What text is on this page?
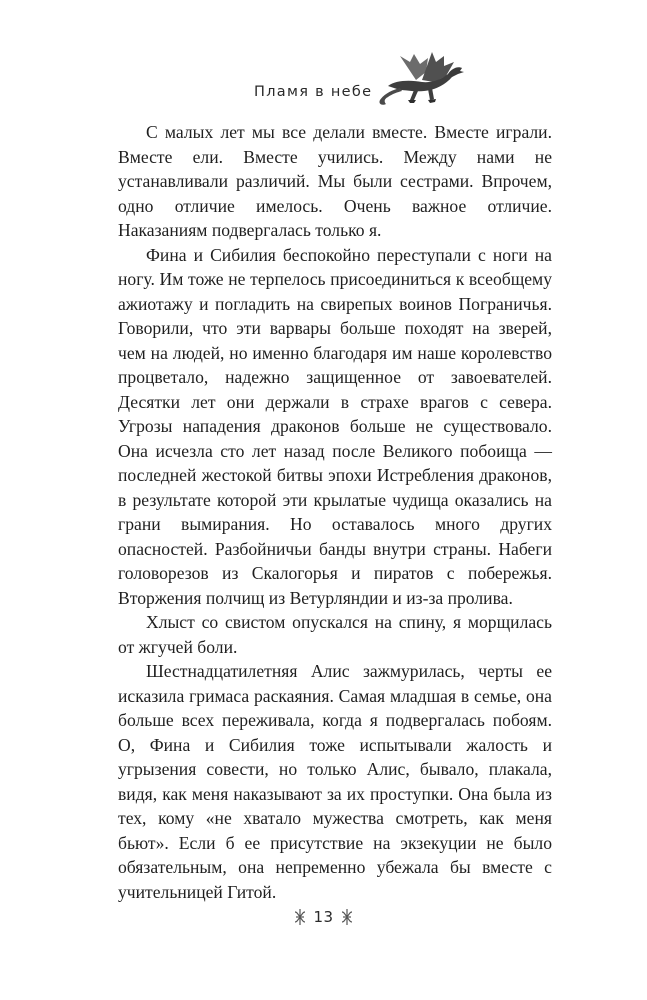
Пламя в небе

С малых лет мы все делали вместе. Вместе играли. Вместе ели. Вместе учились. Между нами не устанавливали различий. Мы были сестрами. Впрочем, одно отличие имелось. Очень важное отличие. Наказаниям подвергалась только я.

Фина и Сибилия беспокойно переступали с ноги на ногу. Им тоже не терпелось присоединиться к всеобщему ажиотажу и погладить на свирепых воинов Пограничья. Говорили, что эти варвары больше походят на зверей, чем на людей, но именно благодаря им наше королевство процветало, надежно защищенное от завоевателей. Десятки лет они держали в страхе врагов с севера. Угрозы нападения драконов больше не существовало. Она исчезла сто лет назад после Великого побоища — последней жестокой битвы эпохи Истребления драконов, в результате которой эти крылатые чудища оказались на грани вымирания. Но оставалось много других опасностей. Разбойничьи банды внутри страны. Набеги головорезов из Скалогорья и пиратов с побережья. Вторжения полчищ из Ветурляндии и из-за пролива.

Хлыст со свистом опускался на спину, я морщилась от жгучей боли.

Шестнадцатилетняя Алис зажмурилась, черты ее исказила гримаса раскаяния. Самая младшая в семье, она больше всех переживала, когда я подвергалась побоям. О, Фина и Сибилия тоже испытывали жалость и угрызения совести, но только Алис, бывало, плакала, видя, как меня наказывают за их проступки. Она была из тех, кому «не хватало мужества смотреть, как меня бьют». Если б ее присутствие на экзекуции не было обязательным, она непременно убежала бы вместе с учительницей Гитой.

13
